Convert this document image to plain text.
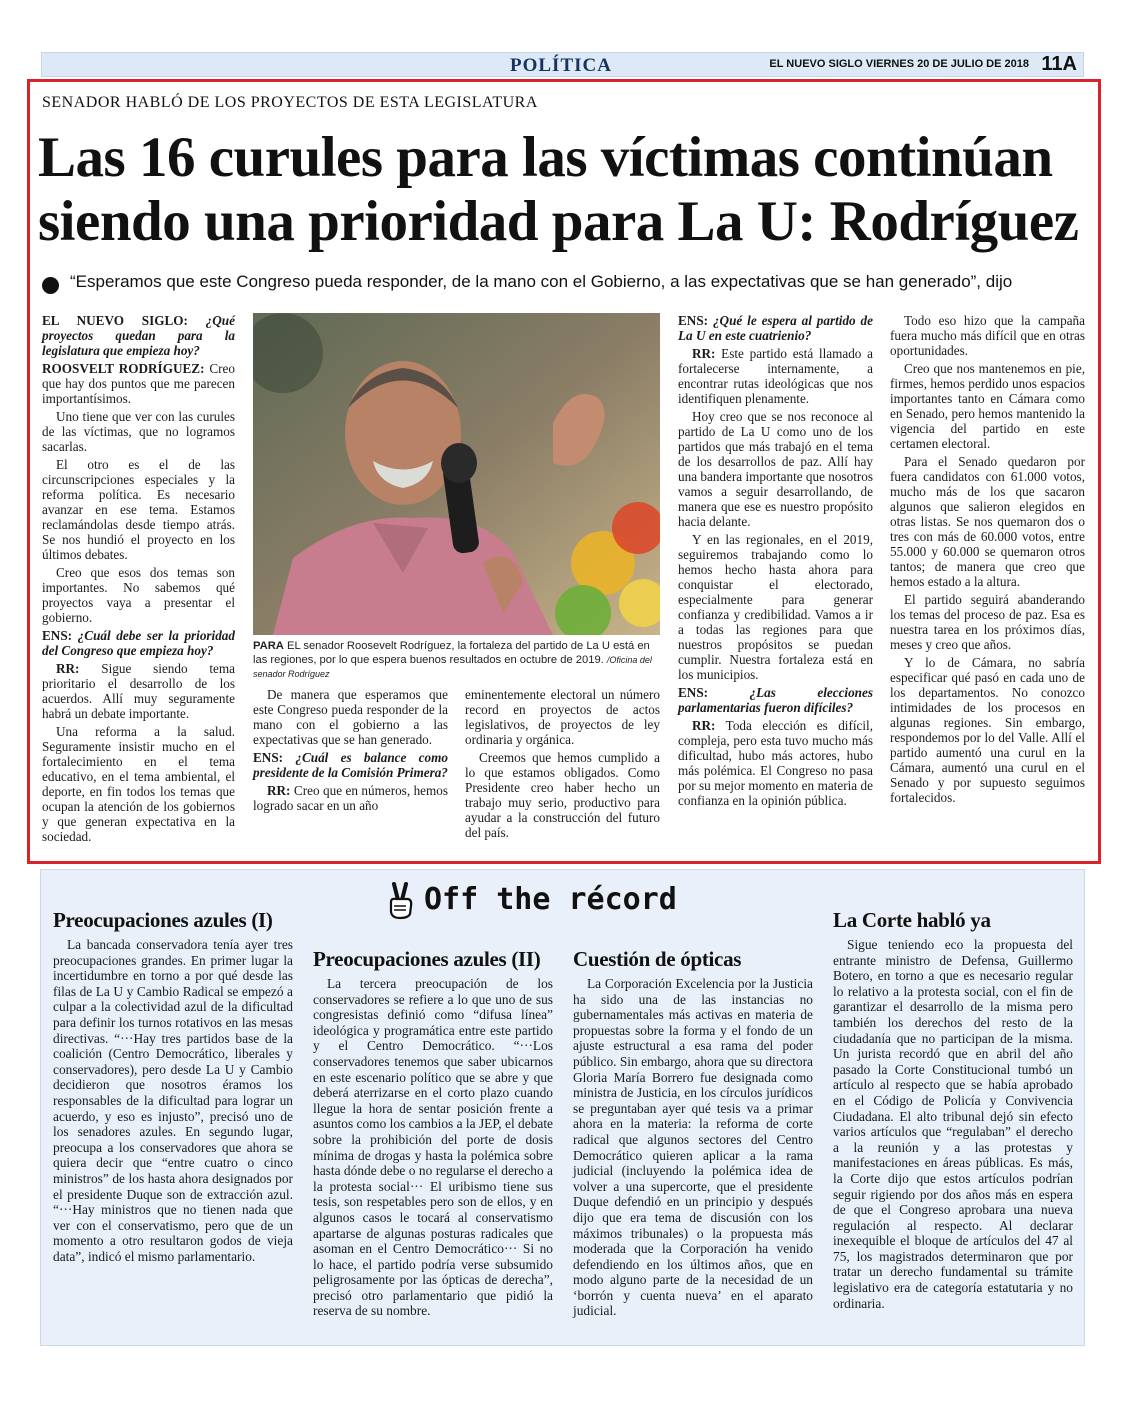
POLÍTICA	EL NUEVO SIGLO VIERNES 20 DE JULIO DE 2018 11A
SENADOR HABLÓ DE LOS PROYECTOS DE ESTA LEGISLATURA
Las 16 curules para las víctimas continúan siendo una prioridad para La U: Rodríguez
“Esperamos que este Congreso pueda responder, de la mano con el Gobierno, a las expectativas que se han generado”, dijo

EL NUEVO SIGLO: ¿Qué proyectos quedan para la legislatura que empieza hoy?

ROOSVELT RODRÍGUEZ: Creo que hay dos puntos que me parecen importantísimos.

Uno tiene que ver con las curules de las víctimas, que no logramos sacarlas.

El otro es el de las circunscripciones especiales y la reforma política. Es necesario avanzar en ese tema. Estamos reclamándolas desde tiempo atrás. Se nos hundió el proyecto en los últimos debates.

Creo que esos dos temas son importantes. No sabemos qué proyectos vaya a presentar el gobierno.

ENS: ¿Cuál debe ser la prioridad del Congreso que empieza hoy?

RR: Sigue siendo tema prioritario el desarrollo de los acuerdos. Allí muy seguramente habrá un debate importante.

Una reforma a la salud. Seguramente insistir mucho en el fortalecimiento en el tema educativo, en el tema ambiental, el deporte, en fin todos los temas que ocupan la atención de los gobiernos y que generan expectativa en la sociedad.

PARA EL senador Roosevelt Rodríguez, la fortaleza del partido de La U está en las regiones, por lo que espera buenos resultados en octubre de 2019. /Oficina del senador Rodríguez

De manera que esperamos que este Congreso pueda responder de la mano con el gobierno a las expectativas que se han generado.

ENS: ¿Cuál es balance como presidente de la Comisión Primera?

RR: Creo que en números, hemos logrado sacar en un año

eminentemente electoral un número record en proyectos de actos legislativos, de proyectos de ley ordinaria y orgánica.

Creemos que hemos cumplido a lo que estamos obligados. Como Presidente creo haber hecho un trabajo muy serio, productivo para ayudar a la construcción del futuro del país.

ENS: ¿Qué le espera al partido de La U en este cuatrienio?

RR: Este partido está llamado a fortalecerse internamente, a encontrar rutas ideológicas que nos identifiquen plenamente.

Hoy creo que se nos reconoce al partido de La U como uno de los partidos que más trabajó en el tema de los desarrollos de paz. Allí hay una bandera importante que nosotros vamos a seguir desarrollando, de manera que ese es nuestro propósito hacia delante.

Y en las regionales, en el 2019, seguiremos trabajando como lo hemos hecho hasta ahora para conquistar el electorado, especialmente para generar confianza y credibilidad. Vamos a ir a todas las regiones para que nuestros propósitos se puedan cumplir. Nuestra fortaleza está en los municipios.

ENS: ¿Las elecciones parlamentarias fueron difíciles?

RR: Toda elección es difícil, compleja, pero esta tuvo mucho más dificultad, hubo más actores, hubo más polémica. El Congreso no pasa por su mejor momento en materia de confianza en la opinión pública.

Todo eso hizo que la campaña fuera mucho más difícil que en otras oportunidades.

Creo que nos mantenemos en pie, firmes, hemos perdido unos espacios importantes tanto en Cámara como en Senado, pero hemos mantenido la vigencia del partido en este certamen electoral.

Para el Senado quedaron por fuera candidatos con 61.000 votos, mucho más de los que sacaron algunos que salieron elegidos en otras listas. Se nos quemaron dos o tres con más de 60.000 votos, entre 55.000 y 60.000 se quemaron otros tantos; de manera que creo que hemos estado a la altura.

El partido seguirá abanderando los temas del proceso de paz. Esa es nuestra tarea en los próximos días, meses y creo que años.

Y lo de Cámara, no sabría especificar qué pasó en cada uno de los departamentos. No conozco intimidades de los procesos en algunas regiones. Sin embargo, respondemos por lo del Valle. Allí el partido aumentó una curul en la Cámara, aumentó una curul en el Senado y por supuesto seguimos fortalecidos.

Off the récord
Preocupaciones azules (I)
La bancada conservadora tenía ayer tres preocupaciones grandes. En primer lugar la incertidumbre en torno a por qué desde las filas de La U y Cambio Radical se empezó a culpar a la colectividad azul de la dificultad para definir los turnos rotativos en las mesas directivas. “···Hay tres partidos base de la coalición (Centro Democrático, liberales y conservadores), pero desde La U y Cambio decidieron que nosotros éramos los responsables de la dificultad para lograr un acuerdo, y eso es injusto”, precisó uno de los senadores azules. En segundo lugar, preocupa a los conservadores que ahora se quiera decir que “entre cuatro o cinco ministros” de los hasta ahora designados por el presidente Duque son de extracción azul. “···Hay ministros que no tienen nada que ver con el conservatismo, pero que de un momento a otro resultaron godos de vieja data”, indicó el mismo parlamentario.
Preocupaciones azules (II)
La tercera preocupación de los conservadores se refiere a lo que uno de sus congresistas definió como “difusa línea” ideológica y programática entre este partido y el Centro Democrático. “···Los conservadores tenemos que saber ubicarnos en este escenario político que se abre y que deberá aterrizarse en el corto plazo cuando llegue la hora de sentar posición frente a asuntos como los cambios a la JEP, el debate sobre la prohibición del porte de dosis mínima de drogas y hasta la polémica sobre hasta dónde debe o no regularse el derecho a la protesta social··· El uribismo tiene sus tesis, son respetables pero son de ellos, y en algunos casos le tocará al conservatismo apartarse de algunas posturas radicales que asoman en el Centro Democrático··· Si no lo hace, el partido podría verse subsumido peligrosamente por las ópticas de derecha”, precisó otro parlamentario que pidió la reserva de su nombre.
Cuestión de ópticas
La Corporación Excelencia por la Justicia ha sido una de las instancias no gubernamentales más activas en materia de propuestas sobre la forma y el fondo de un ajuste estructural a esa rama del poder público. Sin embargo, ahora que su directora Gloria María Borrero fue designada como ministra de Justicia, en los círculos jurídicos se preguntaban ayer qué tesis va a primar ahora en la materia: la reforma de corte radical que algunos sectores del Centro Democrático quieren aplicar a la rama judicial (incluyendo la polémica idea de volver a una supercorte, que el presidente Duque defendió en un principio y después dijo que era tema de discusión con los máximos tribunales) o la propuesta más moderada que la Corporación ha venido defendiendo en los últimos años, que en modo alguno parte de la necesidad de un ‘borrón y cuenta nueva’ en el aparato judicial.
La Corte habló ya
Sigue teniendo eco la propuesta del entrante ministro de Defensa, Guillermo Botero, en torno a que es necesario regular lo relativo a la protesta social, con el fin de garantizar el desarrollo de la misma pero también los derechos del resto de la ciudadanía que no participan de la misma. Un jurista recordó que en abril del año pasado la Corte Constitucional tumbó un artículo al respecto que se había aprobado en el Código de Policía y Convivencia Ciudadana. El alto tribunal dejó sin efecto varios artículos que “regulaban” el derecho a la reunión y a las protestas y manifestaciones en áreas públicas. Es más, la Corte dijo que estos artículos podrían seguir rigiendo por dos años más en espera de que el Congreso aprobara una nueva regulación al respecto. Al declarar inexequible el bloque de artículos del 47 al 75, los magistrados determinaron que por tratar un derecho fundamental su trámite legislativo era de categoría estatutaria y no ordinaria.
